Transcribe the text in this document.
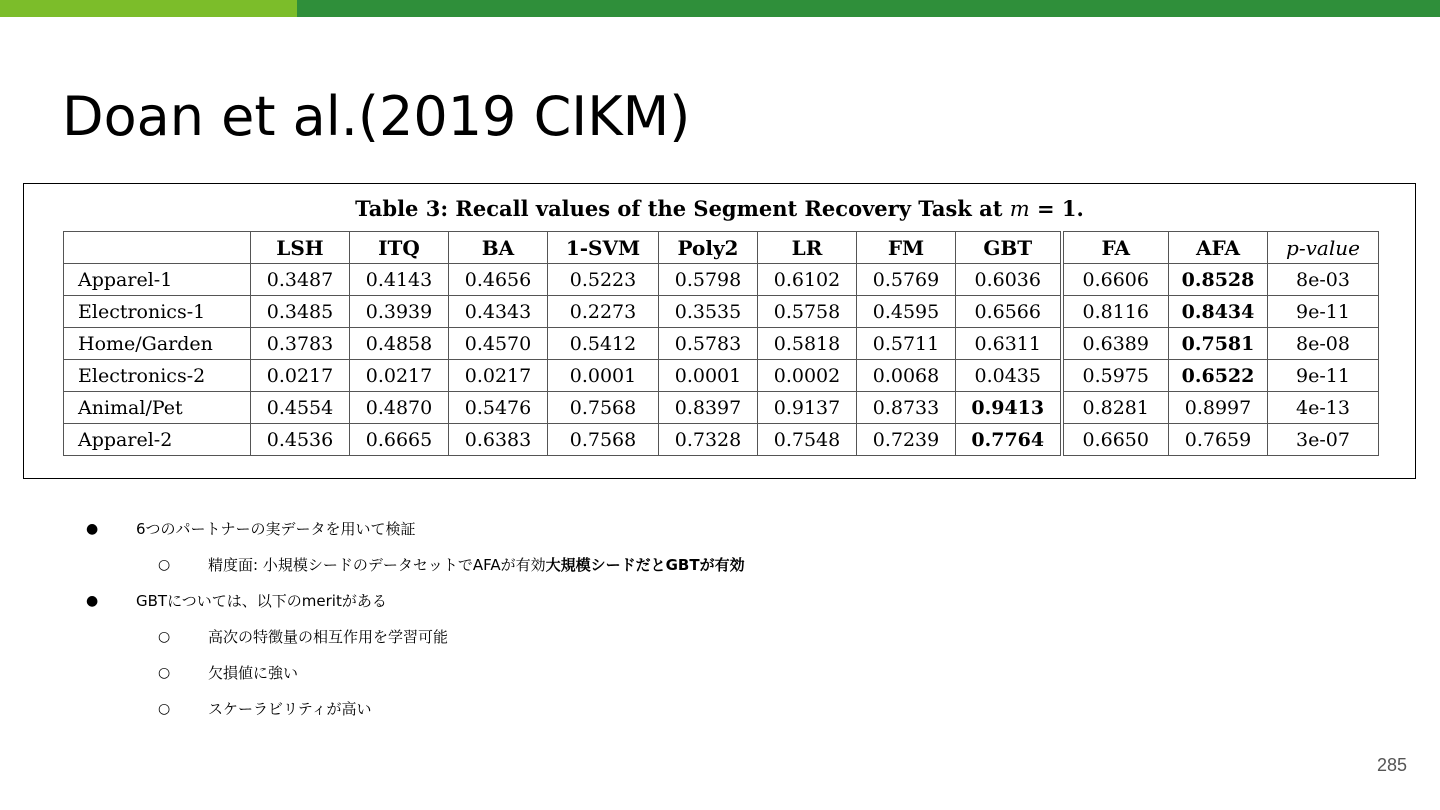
Doan et al.(2019 CIKM)
Table 3: Recall values of the Segment Recovery Task at m = 1.
	LSH	ITQ	BA	1-SVM	Poly2	LR	FM	GBT	FA	AFA	p-value
Apparel-1	0.3487	0.4143	0.4656	0.5223	0.5798	0.6102	0.5769	0.6036	0.6606	0.8528	8e-03
Electronics-1	0.3485	0.3939	0.4343	0.2273	0.3535	0.5758	0.4595	0.6566	0.8116	0.8434	9e-11
Home/Garden	0.3783	0.4858	0.4570	0.5412	0.5783	0.5818	0.5711	0.6311	0.6389	0.7581	8e-08
Electronics-2	0.0217	0.0217	0.0217	0.0001	0.0001	0.0002	0.0068	0.0435	0.5975	0.6522	9e-11
Animal/Pet	0.4554	0.4870	0.5476	0.7568	0.8397	0.9137	0.8733	0.9413	0.8281	0.8997	4e-13
Apparel-2	0.4536	0.6665	0.6383	0.7568	0.7328	0.7548	0.7239	0.7764	0.6650	0.7659	3e-07
●	6つのパートナーの実データを用いて検証
○	精度面: 小規模シードのデータセットでAFAが有効大規模シードだとGBTが有効
●	GBTについては、以下のmeritがある
○	高次の特徴量の相互作用を学習可能
○	欠損値に強い
○	スケーラビリティが高い
285
